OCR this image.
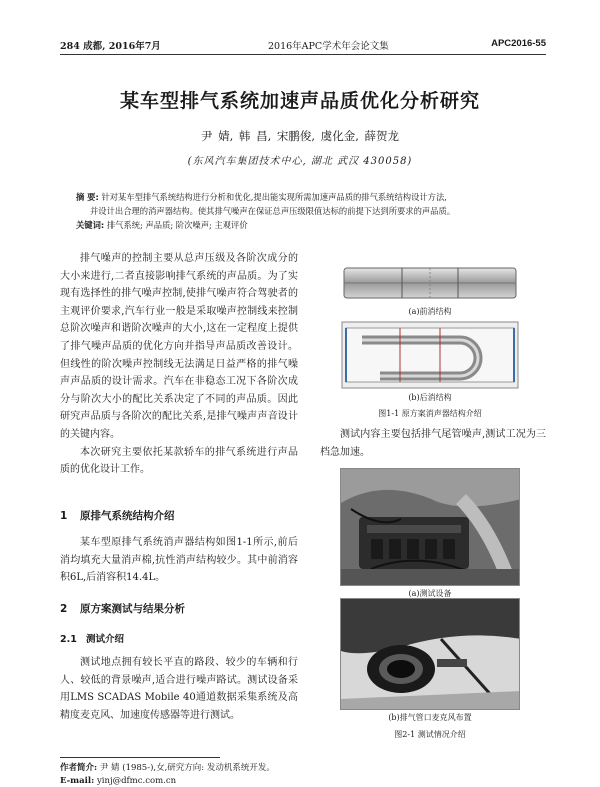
284 成都, 2016年7月	2016年APC学术年会论文集	APC2016-55
某车型排气系统加速声品质优化分析研究
尹 婧, 韩 昌, 宋鹏俊, 虞化金, 薛贺龙
(东风汽车集团技术中心, 湖北 武汉 430058)
摘 要: 针对某车型排气系统结构进行分析和优化,提出能实现所需加速声品质的排气系统结构设计方法,
并设计出合理的消声器结构。使其排气噪声在保证总声压级限值达标的前提下达到所要求的声品质。
关键词: 排气系统; 声品质; 阶次噪声; 主观评价

排气噪声的控制主要从总声压级及各阶次成分的大小来进行,二者直接影响排气系统的声品质。为了实现有选择性的排气噪声控制,使排气噪声符合驾驶者的主观评价要求,汽车行业一般是采取噪声控制线来控制总阶次噪声和谐阶次噪声的大小,这在一定程度上提供了排气噪声品质的优化方向并指导声品质改善设计。但线性的阶次噪声控制线无法满足日益严格的排气噪声声品质的设计需求。汽车在非稳态工况下各阶次成分与阶次大小的配比关系决定了不同的声品质。因此研究声品质与各阶次的配比关系,是排气噪声声音设计的关键内容。

本次研究主要依托某款轿车的排气系统进行声品质的优化设计工作。

1 原排气系统结构介绍

某车型原排气系统消声器结构如图1-1所示,前后消均填充大量消声棉,抗性消声结构较少。其中前消容积6L,后消容积14.4L。

2 原方案测试与结果分析
2.1 测试介绍

测试地点拥有较长平直的路段、较少的车辆和行人、较低的背景噪声,适合进行噪声路试。测试设备采用LMS SCADAS Mobile 40通道数据采集系统及高精度麦克风、加速度传感器等进行测试。

(a)前消结构
(b)后消结构
图1-1 原方案消声器结构介绍
测试内容主要包括排气尾管噪声,测试工况为三档急加速。
(a)测试设备
(b)排气管口麦克风布置
图2-1 测试情况介绍
作者简介: 尹 婧 (1985-),女,研究方向: 发动机系统开发。
E-mail: yinj@dfmc.com.cn
